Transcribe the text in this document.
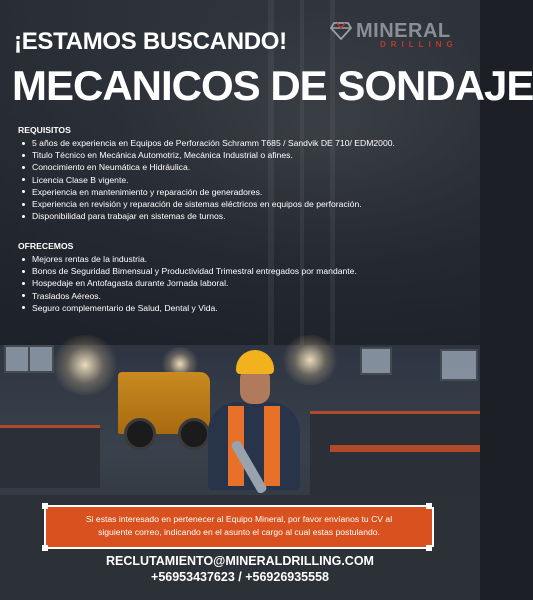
¡ESTAMOS BUSCANDO!
MECANICOS DE SONDAJE
MINERAL
DRILLING
REQUISITOS
5 años de experiencia en Equipos de Perforación Schramm T685 / Sandvik DE 710/ EDM2000.
Titulo Técnico en Mecánica Automotriz, Mecánica Industrial o afines.
Conocimiento en Neumática e Hidráulica.
Licencia Clase B vigente.
Experiencia en mantenimiento y reparación de generadores.
Experiencia en revisión y reparación de sistemas eléctricos en equipos de perforación.
Disponibilidad para trabajar en sistemas de turnos.
OFRECEMOS
Mejores rentas de la industria.
Bonos de Seguridad Bimensual y Productividad Trimestral entregados por mandante.
Hospedaje en Antofagasta durante Jornada laboral.
Traslados Aéreos.
Seguro complementario de Salud, Dental y Vida.
Si estas interesado en pertenecer al Equipo Mineral, por favor envíanos tu CV al
siguiente correo, indicando en el asunto el cargo al cual estas postulando.
RECLUTAMIENTO@MINERALDRILLING.COM
+56953437623 / +56926935558
